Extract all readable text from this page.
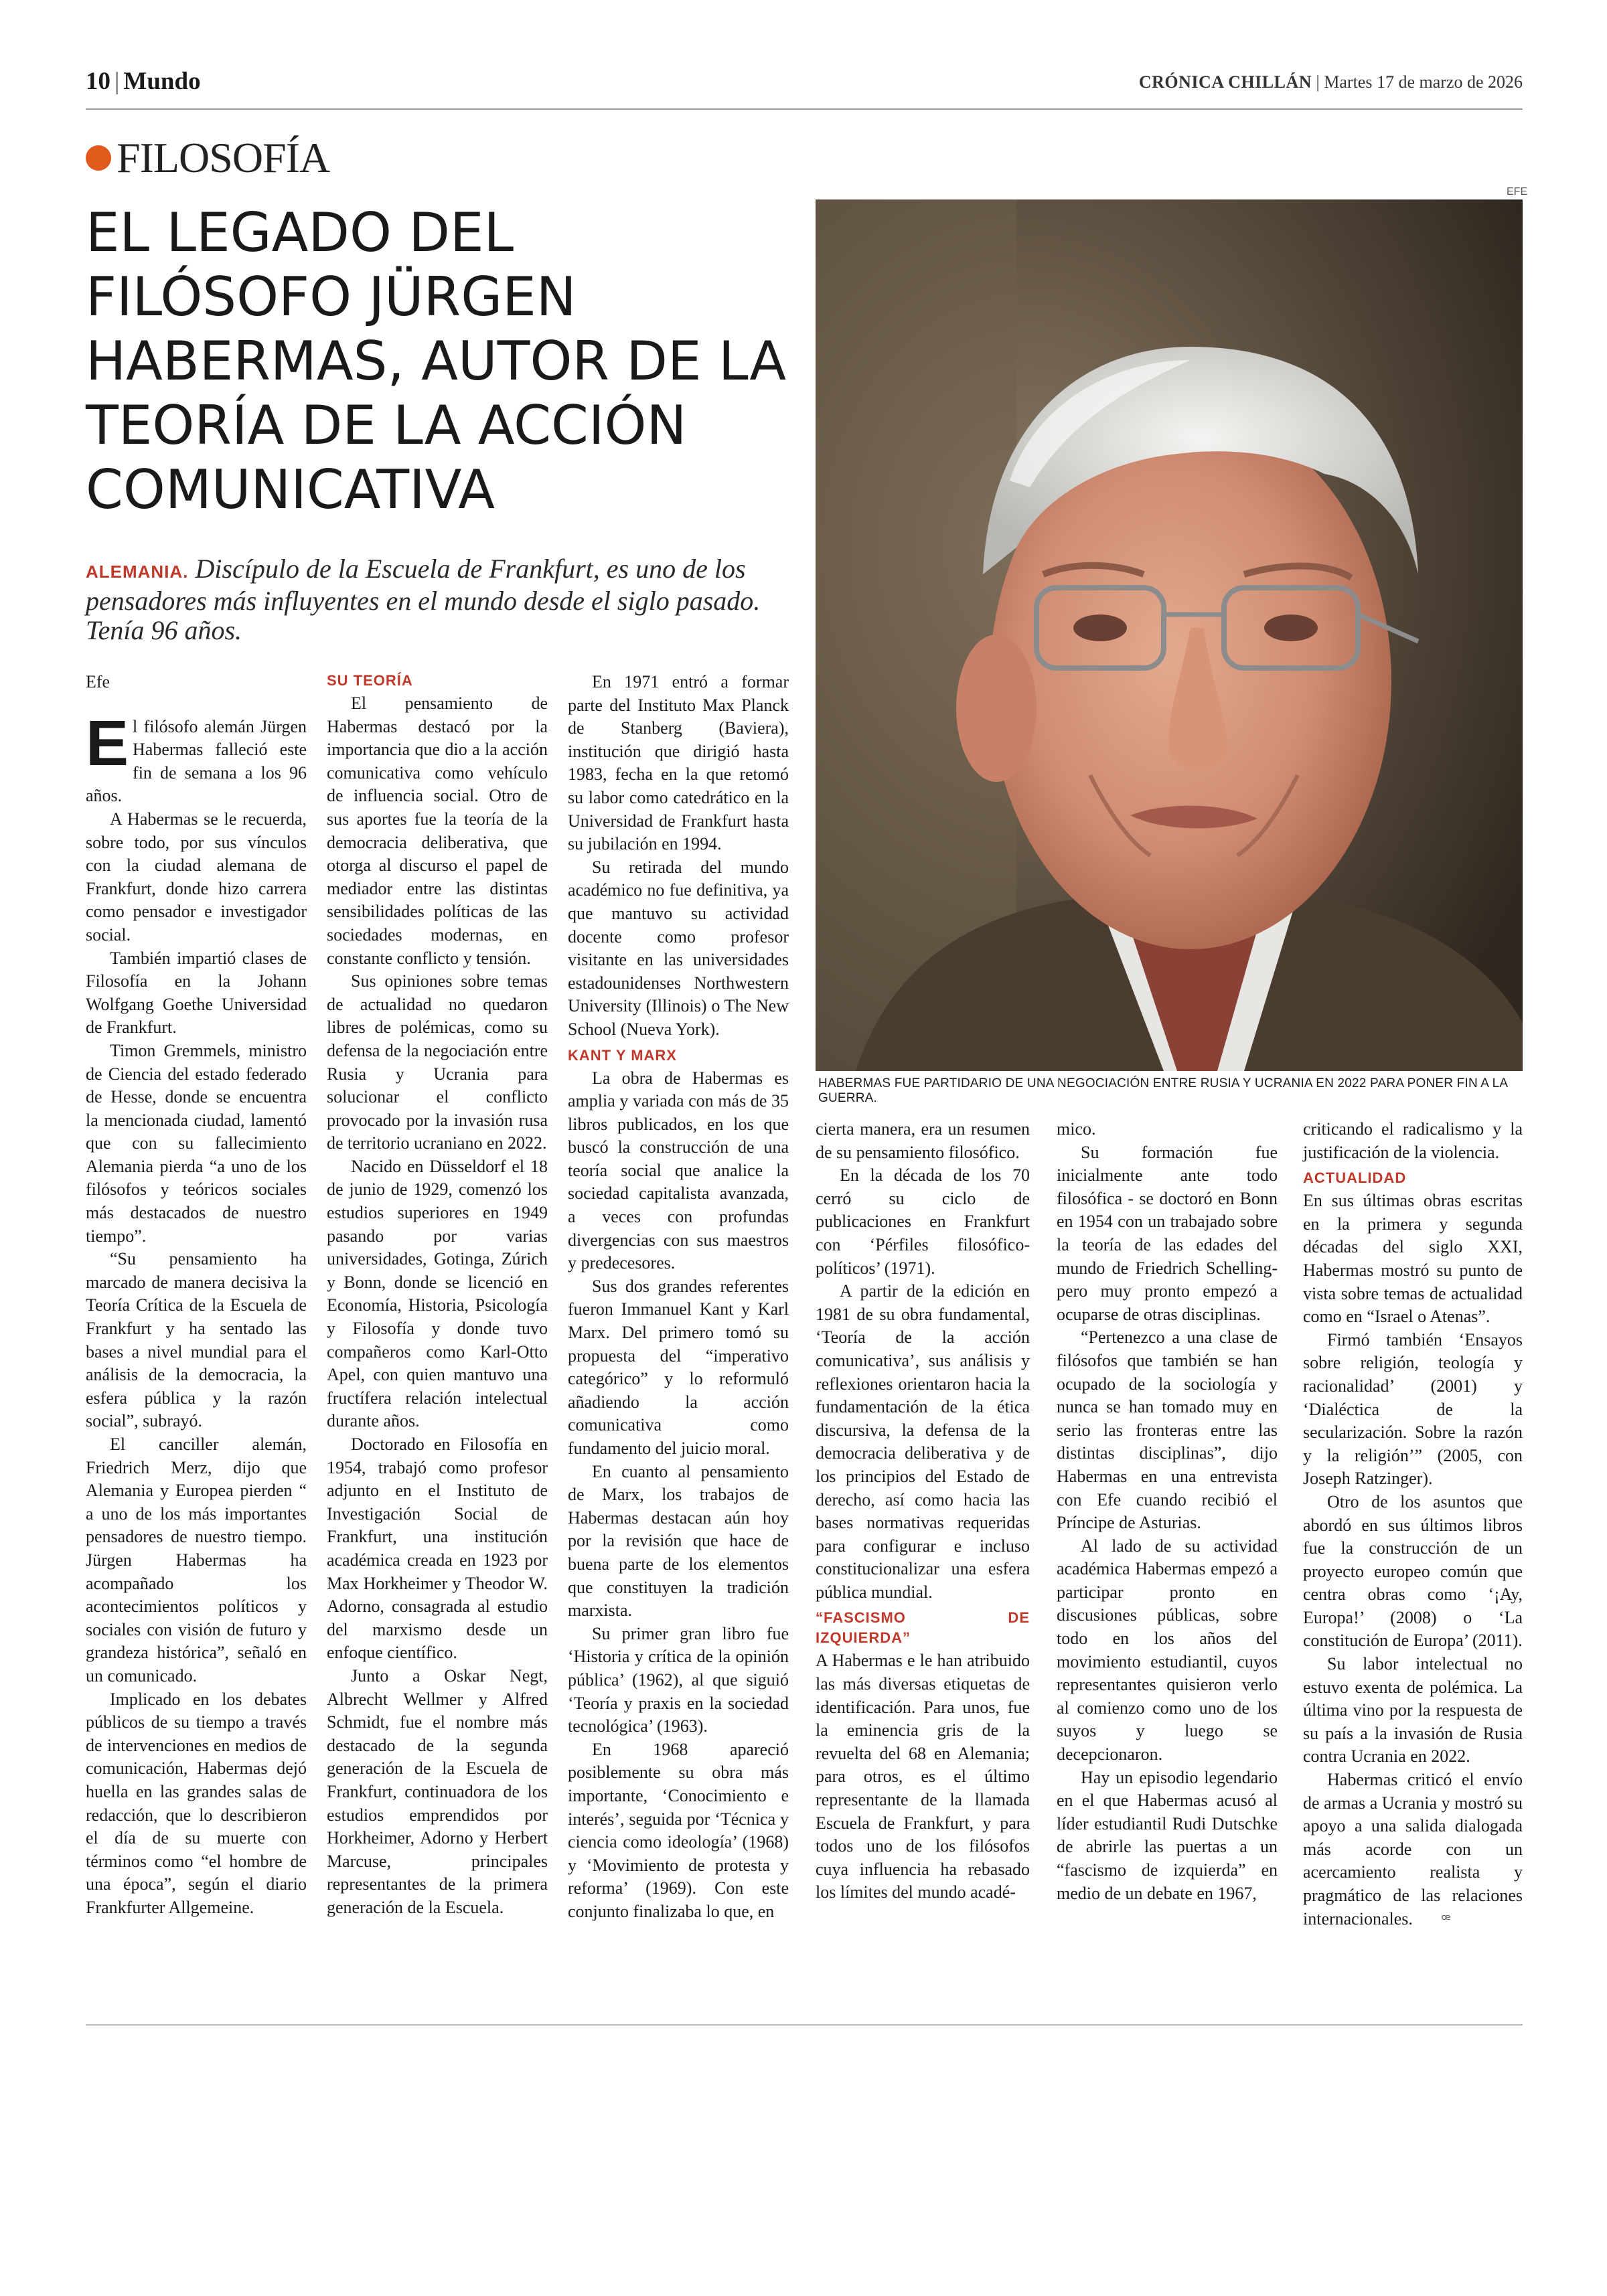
10 | Mundo	CRÓNICA CHILLÁN | Martes 17 de marzo de 2026
FILOSOFÍA
EL LEGADO DEL FILÓSOFO JÜRGEN HABERMAS, AUTOR DE LA TEORÍA DE LA ACCIÓN COMUNICATIVA
ALEMANIA. Discípulo de la Escuela de Frankfurt, es uno de los pensadores más influyentes en el mundo desde el siglo pasado. Tenía 96 años.
EFE
HABERMAS FUE PARTIDARIO DE UNA NEGOCIACIÓN ENTRE RUSIA Y UCRANIA EN 2022 PARA PONER FIN A LA GUERRA.

Efe

El filósofo alemán Jürgen Habermas falleció este fin de semana a los 96 años.

A Habermas se le recuerda, sobre todo, por sus vínculos con la ciudad alemana de Frankfurt, donde hizo carrera como pensador e investigador social.

También impartió clases de Filosofía en la Johann Wolfgang Goethe Universidad de Frankfurt.

Timon Gremmels, ministro de Ciencia del estado federado de Hesse, donde se encuentra la mencionada ciudad, lamentó que con su fallecimiento Alemania pierda “a uno de los filósofos y teóricos sociales más destacados de nuestro tiempo”.

“Su pensamiento ha marcado de manera decisiva la Teoría Crítica de la Escuela de Frankfurt y ha sentado las bases a nivel mundial para el análisis de la democracia, la esfera pública y la razón social”, subrayó.

El canciller alemán, Friedrich Merz, dijo que Alemania y Europea pierden “ a uno de los más importantes pensadores de nuestro tiempo. Jürgen Habermas ha acompañado los acontecimientos políticos y sociales con visión de futuro y grandeza histórica”, señaló en un comunicado.

Implicado en los debates públicos de su tiempo a través de intervenciones en medios de comunicación, Habermas dejó huella en las grandes salas de redacción, que lo describieron el día de su muerte con términos como “el hombre de una época”, según el diario Frankfurter Allgemeine.

SU TEORÍA

El pensamiento de Habermas destacó por la importancia que dio a la acción comunicativa como vehículo de influencia social. Otro de sus aportes fue la teoría de la democracia deliberativa, que otorga al discurso el papel de mediador entre las distintas sensibilidades políticas de las sociedades modernas, en constante conflicto y tensión.

Sus opiniones sobre temas de actualidad no quedaron libres de polémicas, como su defensa de la negociación entre Rusia y Ucrania para solucionar el conflicto provocado por la invasión rusa de territorio ucraniano en 2022.

Nacido en Düsseldorf el 18 de junio de 1929, comenzó los estudios superiores en 1949 pasando por varias universidades, Gotinga, Zúrich y Bonn, donde se licenció en Economía, Historia, Psicología y Filosofía y donde tuvo compañeros como Karl-Otto Apel, con quien mantuvo una fructífera relación intelectual durante años.

Doctorado en Filosofía en 1954, trabajó como profesor adjunto en el Instituto de Investigación Social de Frankfurt, una institución académica creada en 1923 por Max Horkheimer y Theodor W. Adorno, consagrada al estudio del marxismo desde un enfoque científico.

Junto a Oskar Negt, Albrecht Wellmer y Alfred Schmidt, fue el nombre más destacado de la segunda generación de la Escuela de Frankfurt, continuadora de los estudios emprendidos por Horkheimer, Adorno y Herbert Marcuse, principales representantes de la primera generación de la Escuela.

En 1971 entró a formar parte del Instituto Max Planck de Stanberg (Baviera), institución que dirigió hasta 1983, fecha en la que retomó su labor como catedrático en la Universidad de Frankfurt hasta su jubilación en 1994.

Su retirada del mundo académico no fue definitiva, ya que mantuvo su actividad docente como profesor visitante en las universidades estadounidenses Northwestern University (Illinois) o The New School (Nueva York).

KANT Y MARX

La obra de Habermas es amplia y variada con más de 35 libros publicados, en los que buscó la construcción de una teoría social que analice la sociedad capitalista avanzada, a veces con profundas divergencias con sus maestros y predecesores.

Sus dos grandes referentes fueron Immanuel Kant y Karl Marx. Del primero tomó su propuesta del “imperativo categórico” y lo reformuló añadiendo la acción comunicativa como fundamento del juicio moral.

En cuanto al pensamiento de Marx, los trabajos de Habermas destacan aún hoy por la revisión que hace de buena parte de los elementos que constituyen la tradición marxista.

Su primer gran libro fue ‘Historia y crítica de la opinión pública’ (1962), al que siguió ‘Teoría y praxis en la sociedad tecnológica’ (1963).

En 1968 apareció posiblemente su obra más importante, ‘Conocimiento e interés’, seguida por ‘Técnica y ciencia como ideología’ (1968) y ‘Movimiento de protesta y reforma’ (1969). Con este conjunto finalizaba lo que, en

cierta manera, era un resumen de su pensamiento filosófico.

En la década de los 70 cerró su ciclo de publicaciones en Frankfurt con ‘Pérfiles filosófico-políticos’ (1971).

A partir de la edición en 1981 de su obra fundamental, ‘Teoría de la acción comunicativa’, sus análisis y reflexiones orientaron hacia la fundamentación de la ética discursiva, la defensa de la democracia deliberativa y de los principios del Estado de derecho, así como hacia las bases normativas requeridas para configurar e incluso constitucionalizar una esfera pública mundial.

“FASCISMO DE IZQUIERDA”

A Habermas e le han atribuido las más diversas etiquetas de identificación. Para unos, fue la eminencia gris de la revuelta del 68 en Alemania; para otros, es el último representante de la llamada Escuela de Frankfurt, y para todos uno de los filósofos cuya influencia ha rebasado los límites del mundo acadé-

mico.

Su formación fue inicialmente ante todo filosófica - se doctoró en Bonn en 1954 con un trabajado sobre la teoría de las edades del mundo de Friedrich Schelling- pero muy pronto empezó a ocuparse de otras disciplinas.

“Pertenezco a una clase de filósofos que también se han ocupado de la sociología y nunca se han tomado muy en serio las fronteras entre las distintas disciplinas”, dijo Habermas en una entrevista con Efe cuando recibió el Príncipe de Asturias.

Al lado de su actividad académica Habermas empezó a participar pronto en discusiones públicas, sobre todo en los años del movimiento estudiantil, cuyos representantes quisieron verlo al comienzo como uno de los suyos y luego se decepcionaron.

Hay un episodio legendario en el que Habermas acusó al líder estudiantil Rudi Dutschke de abrirle las puertas a un “fascismo de izquierda” en medio de un debate en 1967,

criticando el radicalismo y la justificación de la violencia.

ACTUALIDAD

En sus últimas obras escritas en la primera y segunda décadas del siglo XXI, Habermas mostró su punto de vista sobre temas de actualidad como en “Israel o Atenas”.

Firmó también ‘Ensayos sobre religión, teología y racionalidad’ (2001) y ‘Dialéctica de la secularización. Sobre la razón y la religión’” (2005, con Joseph Ratzinger).

Otro de los asuntos que abordó en sus últimos libros fue la construcción de un proyecto europeo común que centra obras como ‘¡Ay, Europa!’ (2008) o ‘La constitución de Europa’ (2011).

Su labor intelectual no estuvo exenta de polémica. La última vino por la respuesta de su país a la invasión de Rusia contra Ucrania en 2022.

Habermas criticó el envío de armas a Ucrania y mostró su apoyo a una salida dialogada más acorde con un acercamiento realista y pragmático de las relaciones internacionales. ꟹ
